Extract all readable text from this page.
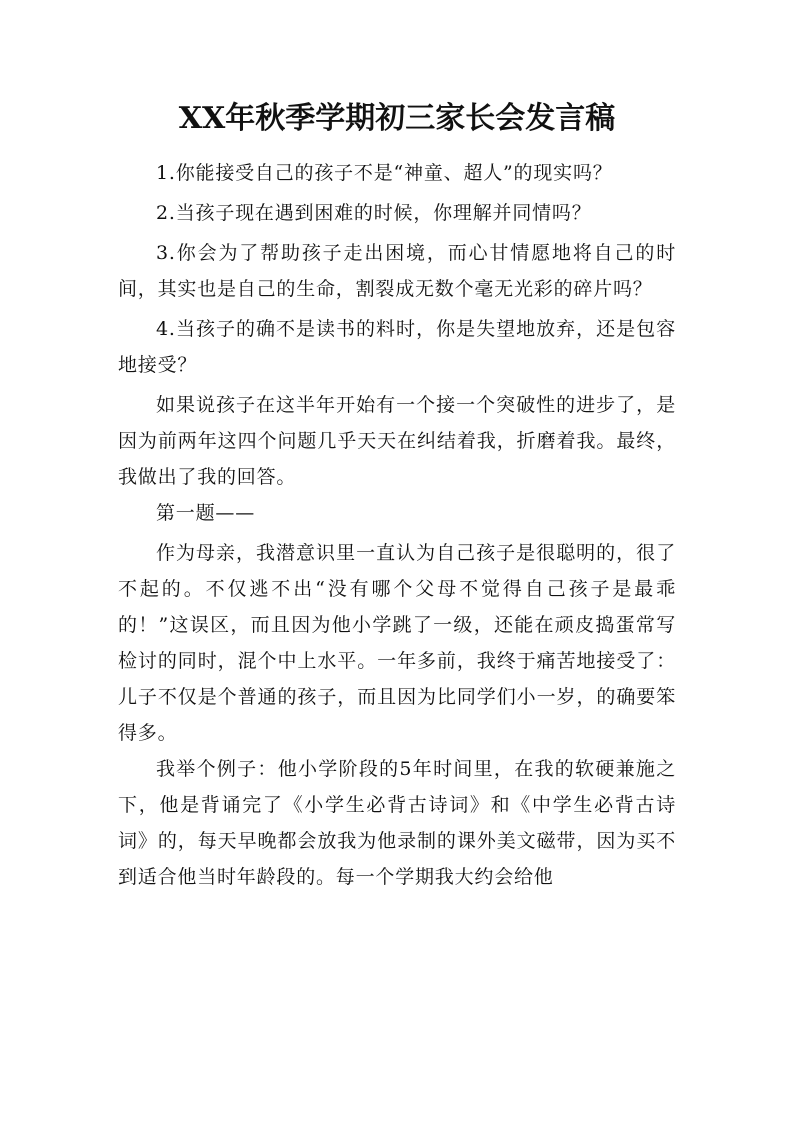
XX年秋季学期初三家长会发言稿

1.你能接受自己的孩子不是“神童、超人”的现实吗？

2.当孩子现在遇到困难的时候，你理解并同情吗？

3.你会为了帮助孩子走出困境，而心甘情愿地将自己的时间，其实也是自己的生命，割裂成无数个毫无光彩的碎片吗？

4.当孩子的确不是读书的料时，你是失望地放弃，还是包容地接受？

如果说孩子在这半年开始有一个接一个突破性的进步了，是因为前两年这四个问题几乎天天在纠结着我，折磨着我。最终，我做出了我的回答。

第一题——

作为母亲，我潜意识里一直认为自己孩子是很聪明的，很了不起的。不仅逃不出“没有哪个父母不觉得自己孩子是最乖的！”这误区，而且因为他小学跳了一级，还能在顽皮捣蛋常写检讨的同时，混个中上水平。一年多前，我终于痛苦地接受了：儿子不仅是个普通的孩子，而且因为比同学们小一岁，的确要笨得多。

我举个例子：他小学阶段的5年时间里，在我的软硬兼施之下，他是背诵完了《小学生必背古诗词》和《中学生必背古诗词》的，每天早晚都会放我为他录制的课外美文磁带，因为买不到适合他当时年龄段的。每一个学期我大约会给他
